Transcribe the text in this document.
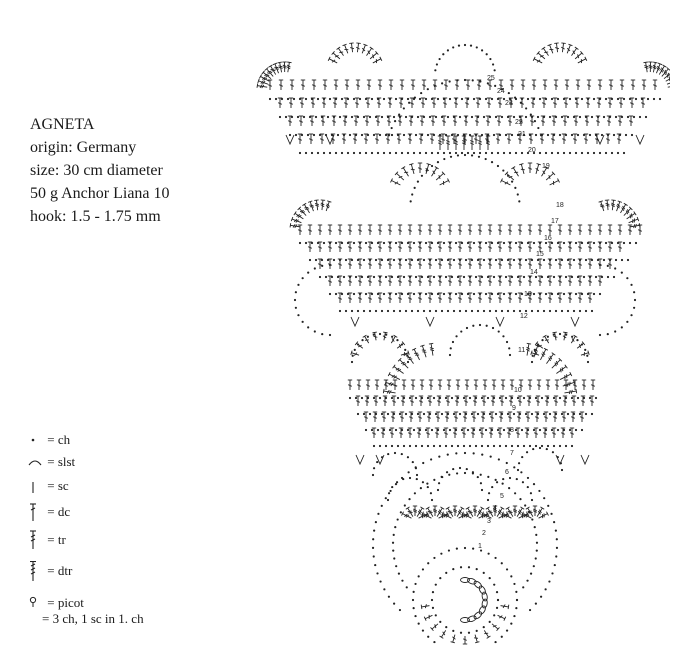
AGNETA
origin: Germany
size: 30 cm diameter
50 g Anchor Liana 10
hook: 1.5 - 1.75 mm
= ch
= slst
= sc
= dc
= tr
= dtr
= picot
= 3 ch, 1 sc in 1. ch
1
2
3
4
5
6
7
8
9
10
11
12
13
14
15
16
17
18
19
20
21
22
23
24
25
